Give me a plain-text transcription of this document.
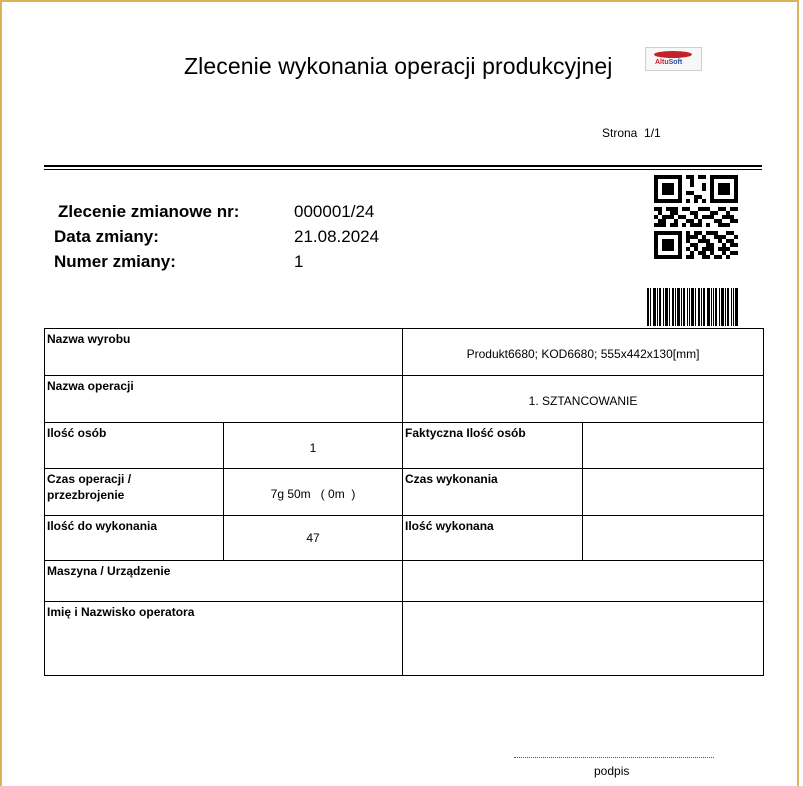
Zlecenie wykonania operacji produkcyjnej	AltuSoft
Strona  1/1
Zlecenie zmianowe nr:	000001/24
Data zmiany:	21.08.2024
Numer zmiany:	1
Nazwa wyrobu		Produkt6680; KOD6680; 555x442x130[mm]	

Nazwa operacji		1. SZTANCOWANIE	

Ilość osób	1	Faktyczna Ilość osób	

Czas operacji /
przezbrojenie	7g 50m   ( 0m  )	Czas wykonania	

Ilość do wykonania	47	Ilość wykonana	

Maszyna / Urządzenie			

Imię i Nazwisko operatora			

podpis
